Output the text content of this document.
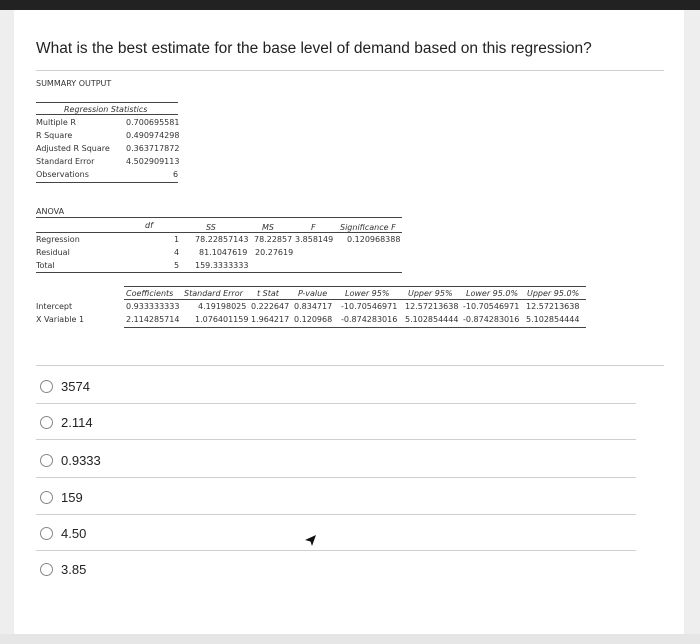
What is the best estimate for the base level of demand based on this regression?
SUMMARY OUTPUT
Regression Statistics
Multiple R	0.700695581
R Square	0.490974298
Adjusted R Square 0.363717872
Standard Error	4.502909113
Observations	6
ANOVA
df	SS	MS	F	Significance F
Regression	1 78.22857143 78.22857 3.858149 0.120968388
Residual	4 81.1047619 20.27619
Total	5 159.3333333
Coefficients Standard Error t Stat P-value Lower 95% Upper 95% Lower 95.0% Upper 95.0%
Intercept	0.933333333 4.19198025 0.222647 0.834717 -10.70546971 12.57213638 -10.70546971 12.57213638
X Variable 1	2.114285714 1.076401159 1.964217 0.120968 -0.874283016 5.102854444 -0.874283016 5.102854444
3574
2.114
0.9333
159
4.50
3.85
